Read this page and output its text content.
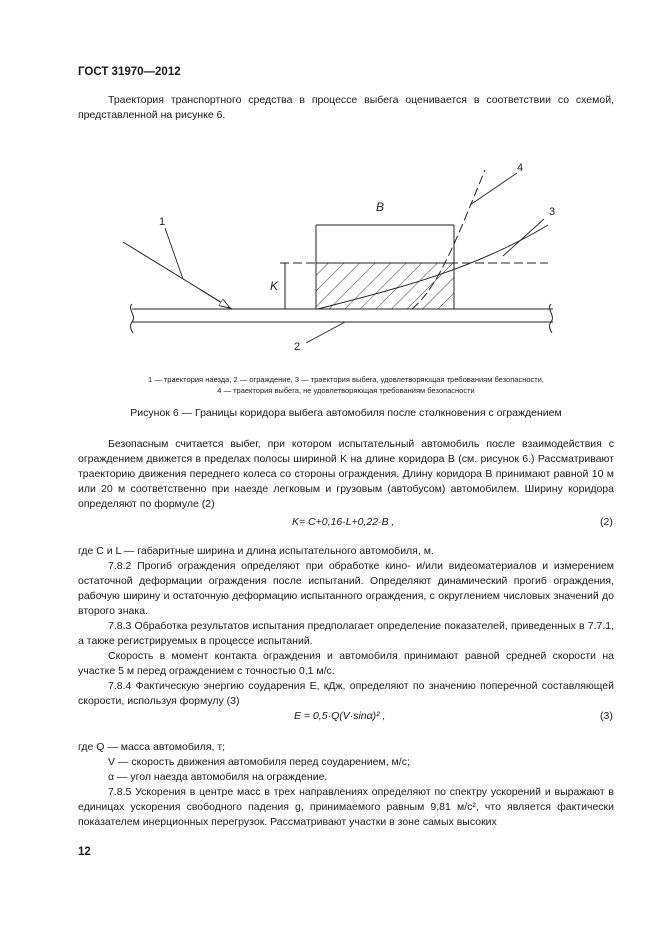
ГОСТ 31970—2012
Траектория транспортного средства в процессе выбега оценивается в соответствии со схемой, представленной на рисунке 6.
B
K
1
3
4
2
1 — траектория наезда, 2 — ограждение, 3 — траектория выбега, удовлетворяющая требованиям безопасности,
4 — траектория выбега, не удовлетворяющая требованиям безопасности
Рисунок 6 — Границы коридора выбега автомобиля после столкновения с ограждением
Безопасным считается выбег, при котором испытательный автомобиль после взаимодействия с ограждением движется в пределах полосы шириной K на длине коридора B (см. рисунок 6.) Рассматривают траекторию движения переднего колеса со стороны ограждения. Длину коридора B принимают равной 10 м или 20 м соответственно при наезде легковым и грузовым (автобусом) автомобилем. Ширину коридора определяют по формуле (2)
K= C+0,16·L+0,22·B ,	(2)
где C и L — габаритные ширина и длина испытательного автомобиля, м.
7.8.2 Прогиб ограждения определяют при обработке кино- и/или видеоматериалов и измерением остаточной деформации ограждения после испытаний. Определяют динамический прогиб ограждения, рабочую ширину и остаточную деформацию испытанного ограждения, с округлением числовых значений до второго знака.
7.8.3 Обработка результатов испытания предполагает определение показателей, приведенных в 7.7.1, а также регистрируемых в процессе испытаний.
Скорость в момент контакта ограждения и автомобиля принимают равной средней скорости на участке 5 м перед ограждением с точностью 0,1 м/с.
7.8.4 Фактическую энергию соударения E, кДж, определяют по значению поперечной составляющей скорости, используя формулу (3)
E = 0,5·Q(V·sinα)² ,	(3)
где Q — масса автомобиля, т;
V — скорость движения автомобиля перед соударением, м/с;
α — угол наезда автомобиля на ограждение.
7.8.5 Ускорения в центре масс в трех направлениях определяют по спектру ускорений и выражают в единицах ускорения свободного падения g, принимаемого равным 9,81 м/с², что является фактически показателем инерционных перегрузок. Рассматривают участки в зоне самых высоких
12
